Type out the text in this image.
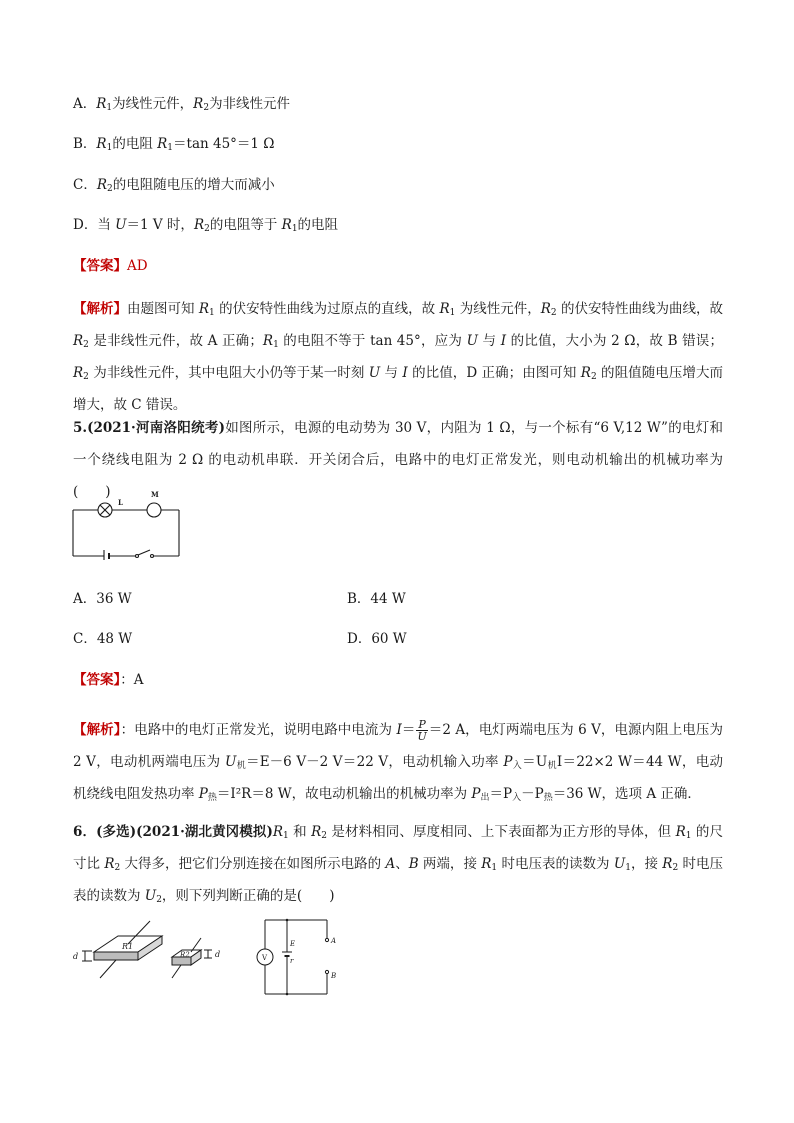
A．$R_1$为线性元件，$R_2$为非线性元件
B．$R_1$的电阻 $R_1=\tan$ 45°＝1 Ω
C．$R_2$的电阻随电压的增大而减小
D．当 U＝1 V 时，$R_2$的电阻等于 $R_1$的电阻
【答案】AD
【解析】由题图可知 $R_1$ 的伏安特性曲线为过原点的直线，故 $R_1$ 为线性元件，$R_2$ 的伏安特性曲线为曲线，故 $R_2$ 是非线性元件，故 A 正确；$R_1$ 的电阻不等于 tan 45°，应为 U 与 I 的比值，大小为 2 Ω，故 B 错误；$R_2$ 为非线性元件，其中电阻大小仍等于某一时刻 U 与 I 的比值，D 正确；由图可知 $R_2$ 的阻值随电压增大而增大，故 C 错误。
5.(2021·河南洛阳统考)如图所示，电源的电动势为 30 V，内阻为 1 Ω，与一个标有“6 V,12 W”的电灯和一个绕线电阻为 2 Ω 的电动机串联．开关闭合后，电路中的电灯正常发光，则电动机输出的机械功率为(　　)
L
M
A．36 W	B．44 W
C．48 W	D．60 W
【答案】：A
【解析】：电路中的电灯正常发光，说明电路中电流为 $I= \frac{P}{U} =2$ A，电灯两端电压为 6 V，电源内阻上电压为 2 V，电动机两端电压为 $U_机=E-6$ V－2 V＝22 V，电动机输入功率 $P_入=U_机I=22\times 2$ W＝44 W，电动机绕线电阻发热功率 $P_热=I^2R=8$ W，故电动机输出的机械功率为 $P_出=P_入-P_热=36$ W，选项 A 正确．
6．(多选)(2021·湖北黄冈模拟)$R_1$ 和 $R_2$ 是材料相同、厚度相同、上下表面都为正方形的导体，但 $R_1$ 的尺寸比 $R_2$ 大得多，把它们分别连接在如图所示电路的 A、B 两端，接 $R_1$ 时电压表的读数为 $U_1$，接 $R_2$ 时电压表的读数为 $U_2$，则下列判断正确的是(　　)
R1
R2
d	d	V
E
r
A
B
